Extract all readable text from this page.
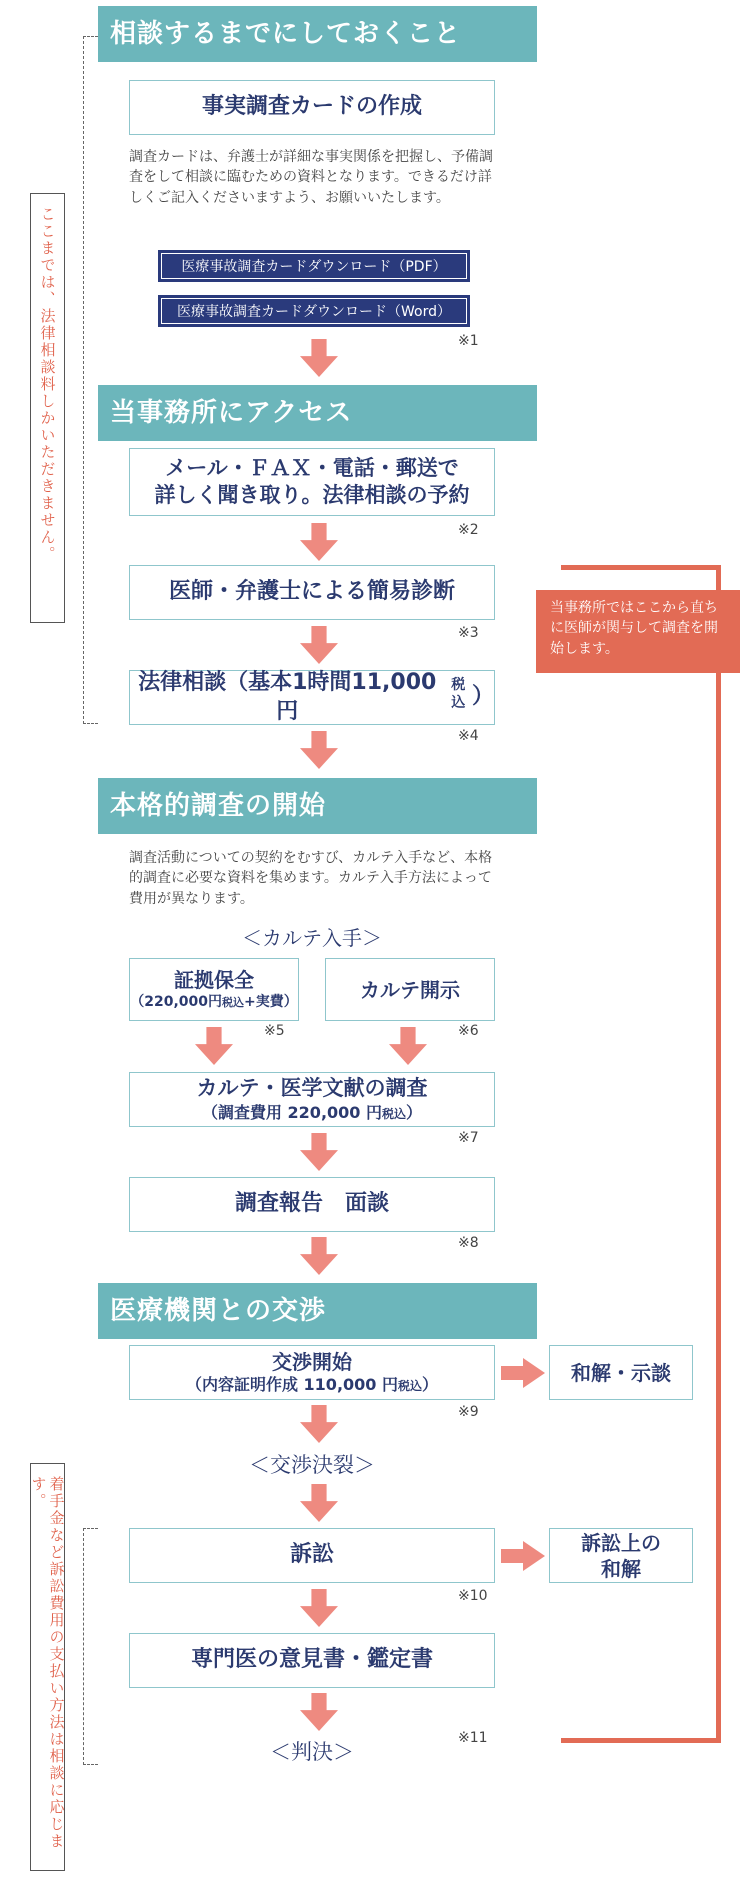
ここまでは、法律相談料しかいただきません。
着手金など訴訟費用の支払い方法は相談に応じます。
当事務所ではここから直ちに医師が関与して調査を開始します。
相談するまでにしておくこと
事実調査カードの作成
調査カードは、弁護士が詳細な事実関係を把握し、予備調査をして相談に臨むための資料となります。できるだけ詳しくご記入くださいますよう、お願いいたします。
医療事故調査カードダウンロード（PDF）
医療事故調査カードダウンロード（Word）
※1
当事務所にアクセス
メール・ＦＡＸ・電話・郵送で
詳しく聞き取り。法律相談の予約
※2
医師・弁護士による簡易診断
※3
法律相談（基本1時間11,000円
税込 ）
※4
本格的調査の開始
調査活動についての契約をむすび、カルテ入手など、本格的調査に必要な資料を集めます。カルテ入手方法によって費用が異なります。
＜カルテ入手＞
証拠保全
（220,000円税込+実費）
カルテ開示
※5	※6
カルテ・医学文献の調査
（調査費用 220,000 円税込）
※7
調査報告　面談
※8
医療機関との交渉
交渉開始
（内容証明作成 110,000 円税込）
和解・示談
※9
＜交渉決裂＞
訴訟	訴訟上の和解
※10
専門医の意見書・鑑定書
＜判決＞
※11
